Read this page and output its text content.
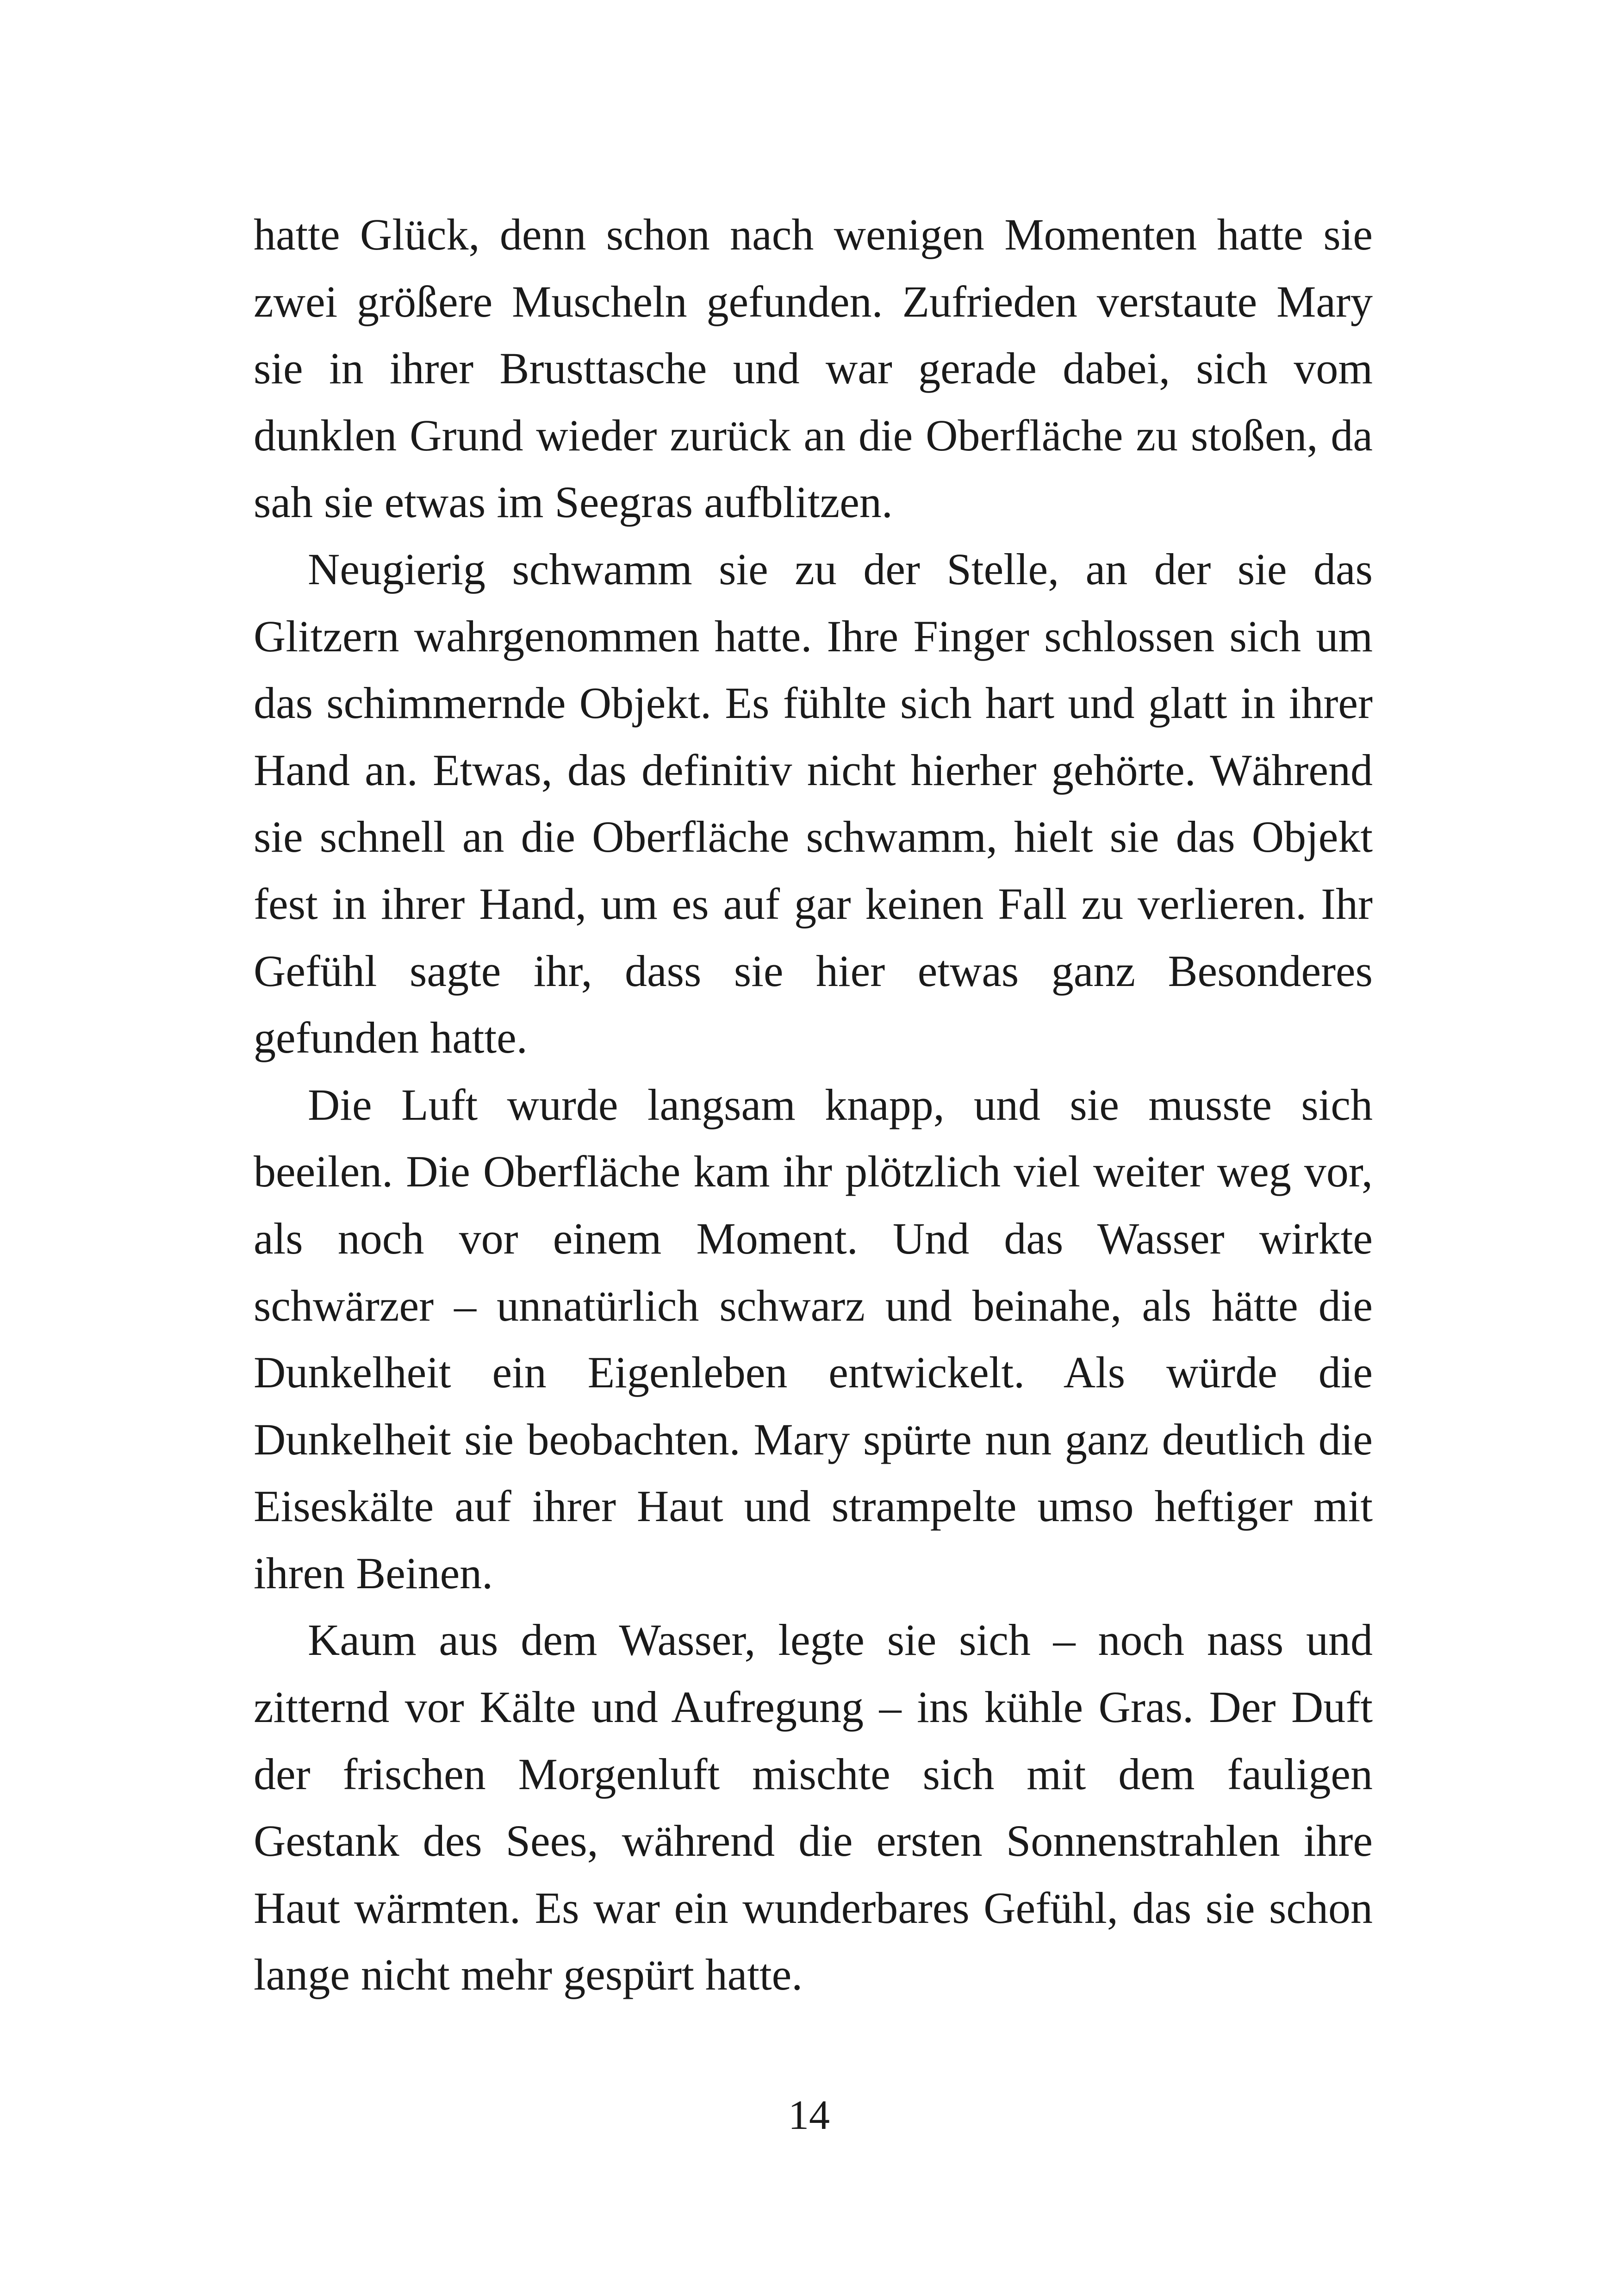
hatte Glück, denn schon nach wenigen Momenten hatte sie zwei größere Muscheln gefunden. Zufrieden verstaute Mary sie in ihrer Brusttasche und war gerade dabei, sich vom dunklen Grund wieder zurück an die Oberfläche zu stoßen, da sah sie etwas im Seegras aufblitzen.

Neugierig schwamm sie zu der Stelle, an der sie das Glitzern wahrgenommen hatte. Ihre Finger schlossen sich um das schimmernde Objekt. Es fühlte sich hart und glatt in ihrer Hand an. Etwas, das definitiv nicht hierher gehörte. Während sie schnell an die Oberfläche schwamm, hielt sie das Objekt fest in ihrer Hand, um es auf gar keinen Fall zu verlieren. Ihr Gefühl sagte ihr, dass sie hier etwas ganz Besonderes gefunden hatte.

Die Luft wurde langsam knapp, und sie musste sich beeilen. Die Oberfläche kam ihr plötzlich viel weiter weg vor, als noch vor einem Moment. Und das Wasser wirkte schwärzer – unnatürlich schwarz und beinahe, als hätte die Dunkelheit ein Eigenleben entwickelt. Als würde die Dunkelheit sie beobachten. Mary spürte nun ganz deutlich die Eiseskälte auf ihrer Haut und strampelte umso heftiger mit ihren Beinen.

Kaum aus dem Wasser, legte sie sich – noch nass und zitternd vor Kälte und Aufregung – ins kühle Gras. Der Duft der frischen Morgenluft mischte sich mit dem fauligen Gestank des Sees, während die ersten Sonnenstrahlen ihre Haut wärmten. Es war ein wunderbares Gefühl, das sie schon lange nicht mehr gespürt hatte.

14
